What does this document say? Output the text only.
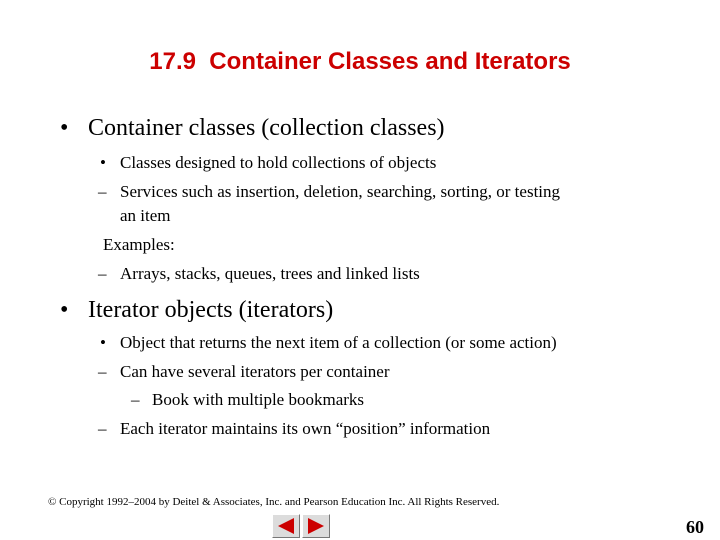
17.9  Container Classes and Iterators
• Container classes (collection classes)
• Classes designed to hold collections of objects
– Services such as insertion, deletion, searching, sorting, or testing
an item
Examples:
– Arrays, stacks, queues, trees and linked lists
• Iterator objects (iterators)
• Object that returns the next item of a collection (or some action)
– Can have several iterators per container
– Book with multiple bookmarks
– Each iterator maintains its own “position” information
© Copyright 1992–2004 by Deitel & Associates, Inc. and Pearson Education Inc. All Rights Reserved.
60
